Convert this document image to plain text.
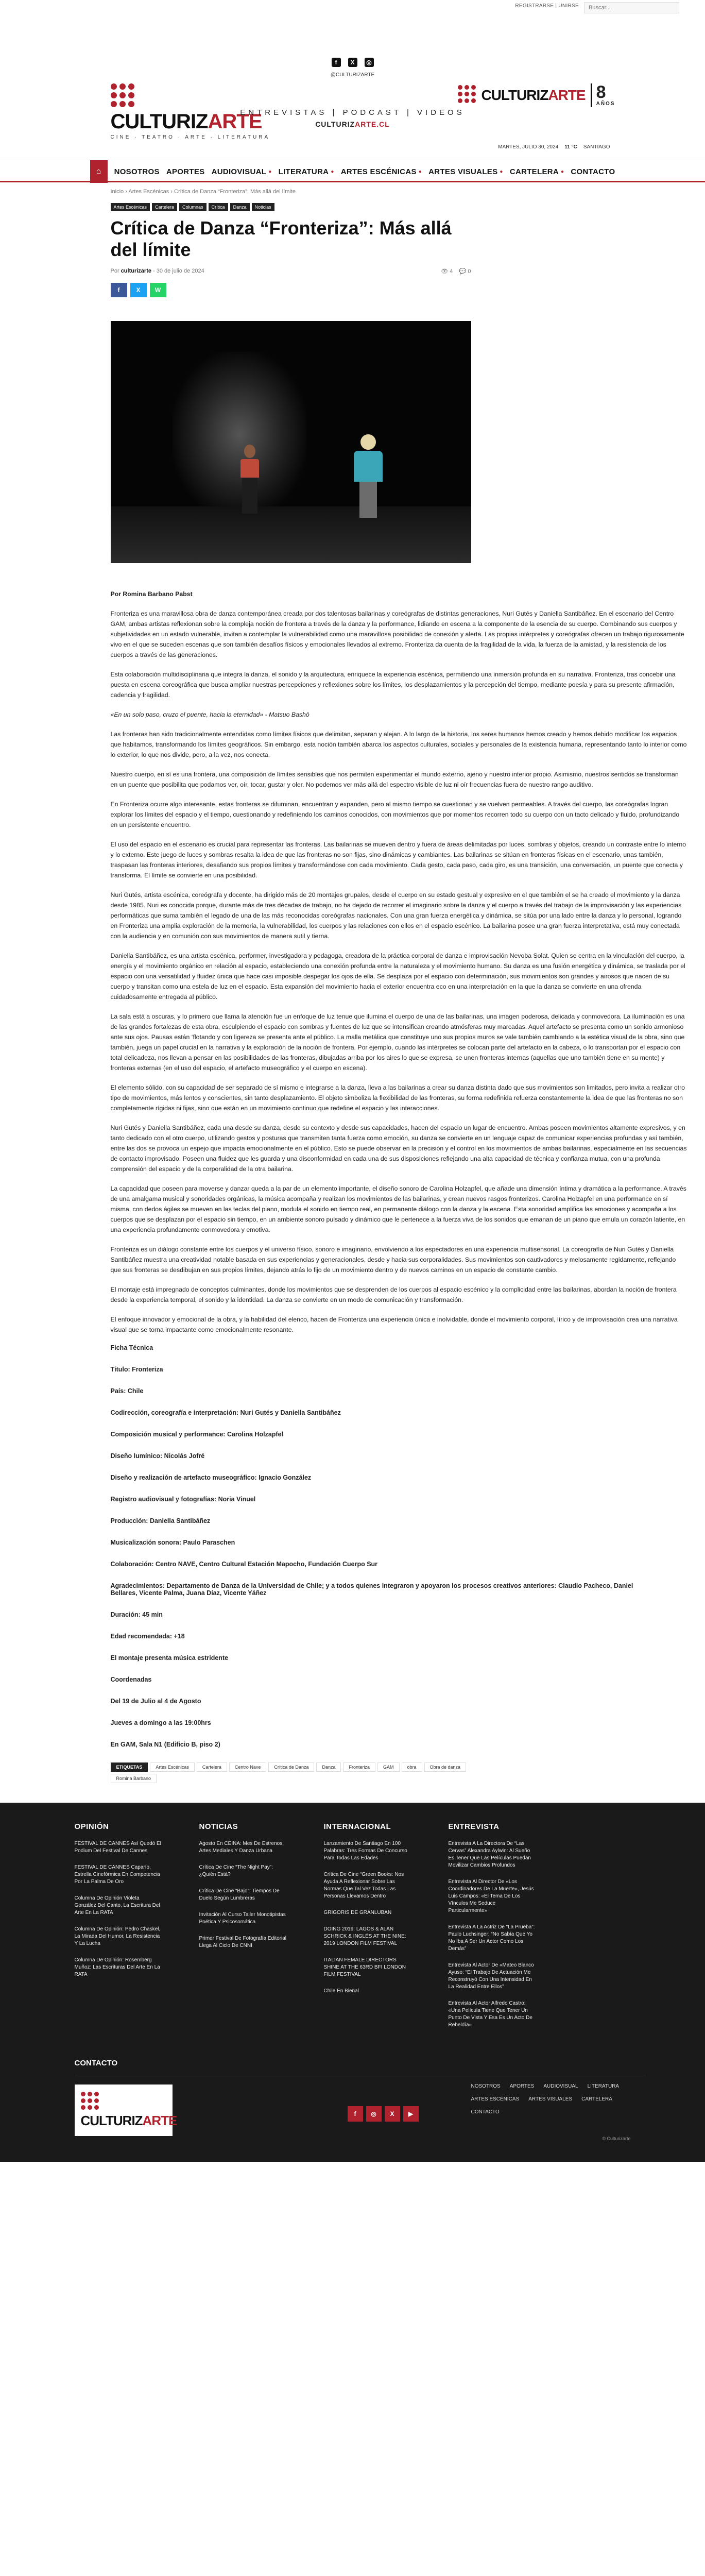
REGISTRARSE | UNIRSE
Buscar...
f	X	◎
@CULTURIZARTE
CULTURIZARTE
CINE · TEATRO · ARTE · LITERATURA
ENTREVISTAS | PODCAST | VIDEOS
CULTURIZARTE.CL
CULTURIZARTE 8
AÑOS
MARTES, JULIO 30, 2024 11 °C SANTIAGO
⌂	NOSOTROS APORTES AUDIOVISUAL ● LITERATURA ● ARTES ESCÉNICAS ● ARTES VISUALES ● CARTELERA ● CONTACTO
Inicio › Artes Escénicas › Crítica de Danza “Fronteriza”: Más allá del límite
Artes Escénicas	Cartelera	Columnas	Crítica	Danza	Noticias
Crítica de Danza “Fronteriza”: Más allá del límite
Por culturizarte - 30 de julio de 2024	👁 4 💬 0
f	X	W

Por Romina Barbano Pabst

Fronteriza es una maravillosa obra de danza contemporánea creada por dos talentosas bailarinas y coreógrafas de distintas generaciones, Nuri Gutés y Daniella Santibáñez. En el escenario del Centro GAM, ambas artistas reflexionan sobre la compleja noción de frontera a través de la danza y la performance, lidiando en escena a la componente de la esencia de su cuerpo. Combinando sus cuerpos y subjetividades en un estado vulnerable, invitan a contemplar la vulnerabilidad como una maravillosa posibilidad de conexión y alerta. Las propias intérpretes y coreógrafas ofrecen un trabajo rigurosamente vivo en el que se suceden escenas que son también desafíos físicos y emocionales llevados al extremo. Fronteriza da cuenta de la fragilidad de la vida, la fuerza de la amistad, y la resistencia de los cuerpos a través de las generaciones.

Esta colaboración multidisciplinaria que integra la danza, el sonido y la arquitectura, enriquece la experiencia escénica, permitiendo una inmersión profunda en su narrativa. Fronteriza, tras concebir una puesta en escena coreográfica que busca ampliar nuestras percepciones y reflexiones sobre los límites, los desplazamientos y la percepción del tiempo, mediante poesía y para su presente afirmación, cadencia y fragilidad.

«En un solo paso, cruzo el puente, hacia la eternidad» - Matsuo Bashō

Las fronteras han sido tradicionalmente entendidas como límites físicos que delimitan, separan y alejan. A lo largo de la historia, los seres humanos hemos creado y hemos debido modificar los espacios que habitamos, transformando los límites geográficos. Sin embargo, esta noción también abarca los aspectos culturales, sociales y personales de la existencia humana, representando tanto lo interior como lo exterior, lo que nos divide, pero, a la vez, nos conecta.

Nuestro cuerpo, en sí es una frontera, una composición de límites sensibles que nos permiten experimentar el mundo externo, ajeno y nuestro interior propio. Asimismo, nuestros sentidos se transforman en un puente que posibilita que podamos ver, oír, tocar, gustar y oler. No podemos ver más allá del espectro visible de luz ni oír frecuencias fuera de nuestro rango auditivo.

En Fronteriza ocurre algo interesante, estas fronteras se difuminan, encuentran y expanden, pero al mismo tiempo se cuestionan y se vuelven permeables. A través del cuerpo, las coreógrafas logran explorar los límites del espacio y el tiempo, cuestionando y redefiniendo los caminos conocidos, con movimientos que por momentos recorren todo su cuerpo con un tacto delicado y fluido, profundizando en un persistente encuentro.

El uso del espacio en el escenario es crucial para representar las fronteras. Las bailarinas se mueven dentro y fuera de áreas delimitadas por luces, sombras y objetos, creando un contraste entre lo interno y lo externo. Este juego de luces y sombras resalta la idea de que las fronteras no son fijas, sino dinámicas y cambiantes. Las bailarinas se sitúan en fronteras físicas en el escenario, unas también, traspasan las fronteras interiores, desafiando sus propios límites y transformándose con cada movimiento. Cada gesto, cada paso, cada giro, es una transición, una conversación, un puente que conecta y transforma. El límite se convierte en una posibilidad.

Nuri Gutés, artista escénica, coreógrafa y docente, ha dirigido más de 20 montajes grupales, desde el cuerpo en su estado gestual y expresivo en el que también el se ha creado el movimiento y la danza desde 1985. Nuri es conocida porque, durante más de tres décadas de trabajo, no ha dejado de recorrer el imaginario sobre la danza y el cuerpo a través del trabajo de la improvisación y las experiencias performáticas que suma también el legado de una de las más reconocidas coreógrafas nacionales. Con una gran fuerza energética y dinámica, se sitúa por una lado entre la danza y lo personal, logrando en Fronteriza una amplia exploración de la memoria, la vulnerabilidad, los cuerpos y las relaciones con ellos en el espacio escénico. La bailarina posee una gran fuerza interpretativa, está muy conectada con la audiencia y en comunión con sus movimientos de manera sutil y tierna.

Daniella Santibáñez, es una artista escénica, performer, investigadora y pedagoga, creadora de la práctica corporal de danza e improvisación Nevoba Solat. Quien se centra en la vinculación del cuerpo, la energía y el movimiento orgánico en relación al espacio, estableciendo una conexión profunda entre la naturaleza y el movimiento humano. Su danza es una fusión energética y dinámica, se traslada por el espacio con una versatilidad y fluidez única que hace casi imposible despegar los ojos de ella. Se desplaza por el espacio con determinación, sus movimientos son grandes y airosos que nacen de su cuerpo y transitan como una estela de luz en el espacio. Esta expansión del movimiento hacia el exterior encuentra eco en una interpretación en la que la danza se convierte en una ofrenda cuidadosamente entregada al público.

La sala está a oscuras, y lo primero que llama la atención fue un enfoque de luz tenue que ilumina el cuerpo de una de las bailarinas, una imagen poderosa, delicada y conmovedora. La iluminación es una de las grandes fortalezas de esta obra, esculpiendo el espacio con sombras y fuentes de luz que se intensifican creando atmósferas muy marcadas. Aquel artefacto se presenta como un sonido armonioso ante sus ojos. Pausas están ‘flotando y con ligereza se presenta ante el público. La malla metálica que constituye uno sus propios muros se vale también cambiando a la estética visual de la obra, sino que también, juega un papel crucial en la narrativa y la exploración de la noción de frontera. Por ejemplo, cuando las intérpretes se colocan parte del artefacto en la cabeza, o lo transportan por el espacio con total delicadeza, nos llevan a pensar en las posibilidades de las fronteras, dibujadas arriba por los aires lo que se expresa, se unen fronteras internas (aquellas que uno también tiene en su mente) y fronteras externas (en el uso del espacio, el artefacto museográfico y el cuerpo en escena).

El elemento sólido, con su capacidad de ser separado de sí mismo e integrarse a la danza, lleva a las bailarinas a crear su danza distinta dado que sus movimientos son limitados, pero invita a realizar otro tipo de movimientos, más lentos y conscientes, sin tanto desplazamiento. El objeto simboliza la flexibilidad de las fronteras, su forma redefinida refuerza constantemente la idea de que las fronteras no son completamente rígidas ni fijas, sino que están en un movimiento continuo que redefine el espacio y las interacciones.

Nuri Gutés y Daniella Santibáñez, cada una desde su danza, desde su contexto y desde sus capacidades, hacen del espacio un lugar de encuentro. Ambas poseen movimientos altamente expresivos, y en tanto dedicado con el otro cuerpo, utilizando gestos y posturas que transmiten tanta fuerza como emoción, su danza se convierte en un lenguaje capaz de comunicar experiencias profundas y así también, entre las dos se provoca un espejo que impacta emocionalmente en el público. Esto se puede observar en la precisión y el control en los movimientos de ambas bailarinas, especialmente en las secuencias de contacto improvisado. Poseen una fluidez que les guarda y una disconformidad en cada una de sus disposiciones reflejando una alta capacidad de técnica y confianza mutua, con una profunda comprensión del espacio y de la corporalidad de la otra bailarina.

La capacidad que poseen para moverse y danzar queda a la par de un elemento importante, el diseño sonoro de Carolina Holzapfel, que añade una dimensión íntima y dramática a la performance. A través de una amalgama musical y sonoridades orgánicas, la música acompaña y realizan los movimientos de las bailarinas, y crean nuevos rasgos fronterizos. Carolina Holzapfel en una performance en sí misma, con dedos ágiles se mueven en las teclas del piano, modula el sonido en tiempo real, en permanente diálogo con la danza y la escena. Esta sonoridad amplifica las emociones y acompaña a los cuerpos que se desplazan por el espacio sin tiempo, en un ambiente sonoro pulsado y dinámico que le pertenece a la fuerza viva de los sonidos que emanan de un piano que emula un corazón latiente, en una experiencia profundamente conmovedora y emotiva.

Fronteriza es un diálogo constante entre los cuerpos y el universo físico, sonoro e imaginario, envolviendo a los espectadores en una experiencia multisensorial. La coreografía de Nuri Gutés y Daniella Santibáñez muestra una creatividad notable basada en sus experiencias y generacionales, desde y hacia sus corporalidades. Sus movimientos son cautivadores y melosamente regidamente, reflejando que sus fronteras se desdibujan en sus propios límites, dejando atrás lo fijo de un movimiento dentro y de nuevos caminos en un espacio de constante cambio.

El montaje está impregnado de conceptos culminantes, donde los movimientos que se desprenden de los cuerpos al espacio escénico y la complicidad entre las bailarinas, abordan la noción de frontera desde la experiencia temporal, el sonido y la identidad. La danza se convierte en un modo de comunicación y transformación.

El enfoque innovador y emocional de la obra, y la habilidad del elenco, hacen de Fronteriza una experiencia única e inolvidable, donde el movimiento corporal, lírico y de improvisación crea una narrativa visual que se torna impactante como emocionalmente resonante.

Ficha Técnica

Título: Fronteriza

País: Chile

Codirección, coreografía e interpretación: Nuri Gutés y Daniella Santibáñez

Composición musical y performance: Carolina Holzapfel

Diseño lumínico: Nicolás Jofré

Diseño y realización de artefacto museográfico: Ignacio González

Registro audiovisual y fotografías: Noria Vinuel

Producción: Daniella Santibáñez

Musicalización sonora: Paulo Paraschen

Colaboración: Centro NAVE, Centro Cultural Estación Mapocho, Fundación Cuerpo Sur

Agradecimientos: Departamento de Danza de la Universidad de Chile; y a todos quienes integraron y apoyaron los procesos creativos anteriores: Claudio Pacheco, Daniel Bellares, Vicente Palma, Juana Díaz, Vicente Yáñez

Duración: 45 min

Edad recomendada: +18

El montaje presenta música estridente

Coordenadas

Del 19 de Julio al 4 de Agosto

Jueves a domingo a las 19:00hrs

En GAM, Sala N1 (Edificio B, piso 2)

ETIQUETAS	Artes Escénicas	Cartelera	Centro Nave	Crítica de Danza	Danza	Fronteriza	GAM	obra	Obra de danza
Romina Barbano
OPINIÓN
FESTIVAL DE CANNES Así Quedó El Podium Del Festival De Cannes
FESTIVAL DE CANNES Caparío, Estrella Cinefórmica En Competencia Por La Palma De Oro
Columna De Opinión Violeta González Del Canto, La Escritura Del Arte En La RATA
Columna De Opinión: Pedro Chaskel, La Mirada Del Humor, La Resistencia Y La Lucha
Columna De Opinión: Rosemberg Muñoz: Las Escrituras Del Arte En La RATA
NOTICIAS
Agosto En CEINA: Mes De Estrenos, Artes Mediales Y Danza Urbana
Crítica De Cine “The Night Pay”: ¿Quién Está?
Crítica De Cine “Bajo”: Tiempos De Duelo Según Lumbreras
Invitación Al Curso Taller Monotipistas Poética Y Psicosomática
Primer Festival De Fotografía Editorial Llega Al Ciclo De CNNI
INTERNACIONAL
Lanzamiento De Santiago En 100 Palabras: Tres Formas De Concurso Para Todas Las Edades
Crítica De Cine “Green Books: Nos Ayuda A Reflexionar Sobre Las Normas Que Tal Vez Todas Las Personas Llevamos Dentro
GRIGORIS DE GRANLUBAN
DOING 2019: LAGOS & ALAN SCHRICK & INGLÉS AT THE NINE: 2019 LONDON FILM FESTIVAL
ITALIAN FEMALE DIRECTORS SHINE AT THE 63RD BFI LONDON FILM FESTIVAL
Chile En Bienal
ENTREVISTA
Entrevista A La Directora De “Las Cervas” Alexandra Aylwin: Al Sueño Es Tener Que Las Películas Puedan Movilizar Cambios Profundos
Entrevista Al Director De «Los Coordinadores De La Muerte», Jesús Luis Campos: «El Tema De Los Vínculos Me Seduce Particularmente»
Entrevista A La Actriz De “La Prueba”: Paulo Luchsinger: “No Sabía Que Yo No Iba A Ser Un Actor Como Los Demás”
Entrevista Al Actor De «Mateo Blanco Ayuso: “El Trabajo De Actuación Me Reconstruyó Con Una Intensidad En La Realidad Entre Ellos”
Entrevista Al Actor Alfredo Castro: «Una Película Tiene Que Tener Un Punto De Vista Y Esa Es Un Acto De Rebeldía»
CONTACTO
CULTURIZARTE	f	◎	X	▶
NOSOTROS APORTES AUDIOVISUAL LITERATURA
ARTES ESCÉNICAS ARTES VISUALES CARTELERA
CONTACTO
© Culturizarte
